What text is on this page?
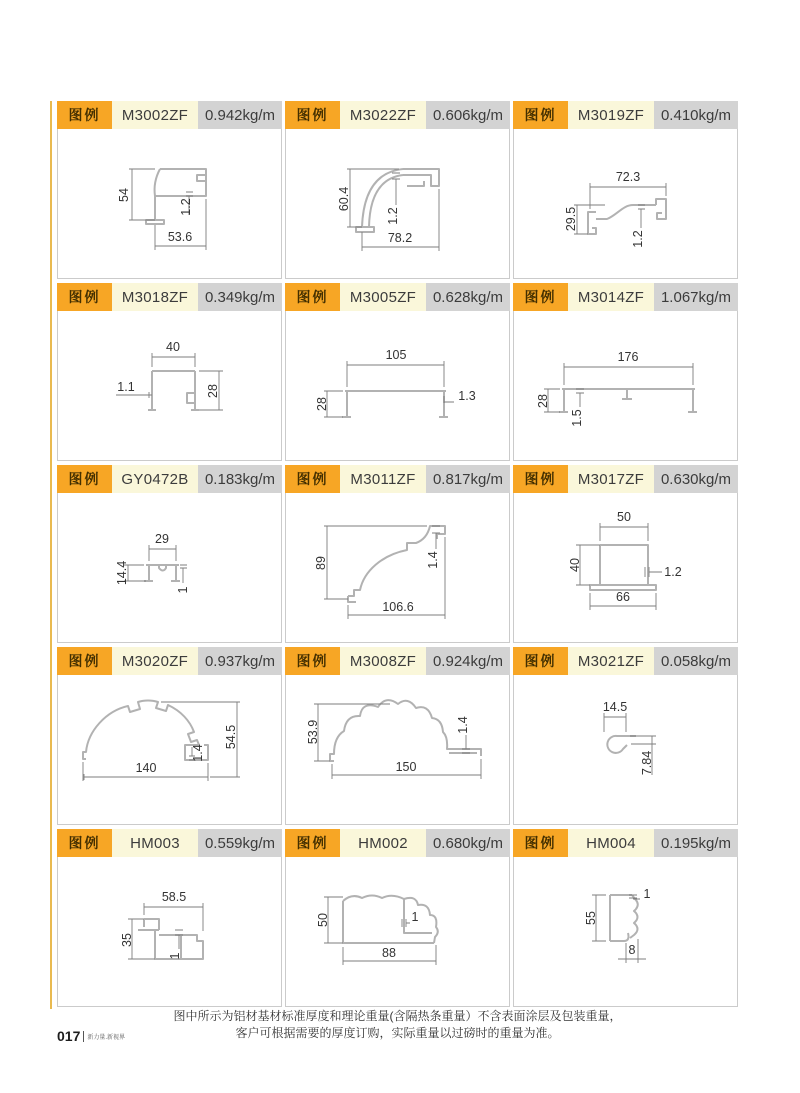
图例	M3002ZF	0.942kg/m
54
1.2
53.6
图例	M3022ZF	0.606kg/m
60.4
1.2
78.2
图例	M3019ZF	0.410kg/m
72.3
29.5
1.2
图例	M3018ZF	0.349kg/m
40
1.1	28
图例	M3005ZF	0.628kg/m
105
28
1.3
图例	M3014ZF	1.067kg/m
176
28
1.5
图例	GY0472B	0.183kg/m
29
14.4
1
图例	M3011ZF	0.817kg/m
89
106.6
1.4
图例	M3017ZF	0.630kg/m
50
40	1.2
66
图例	M3020ZF	0.937kg/m
140
54.5
1.4
图例	M3008ZF	0.924kg/m
53.9
150
1.4
图例	M3021ZF	0.058kg/m
14.5
7.84
图例	HM003	0.559kg/m
58.5
35
1
图例	HM002	0.680kg/m
50	1
88
图例	HM004	0.195kg/m
55
1
8
图中所示为铝材基材标准厚度和理论重量(含隔热条重量）不含表面涂层及包装重量，
客户可根据需要的厚度订购，实际重量以过磅时的重量为准。
017 新力量.新视界
